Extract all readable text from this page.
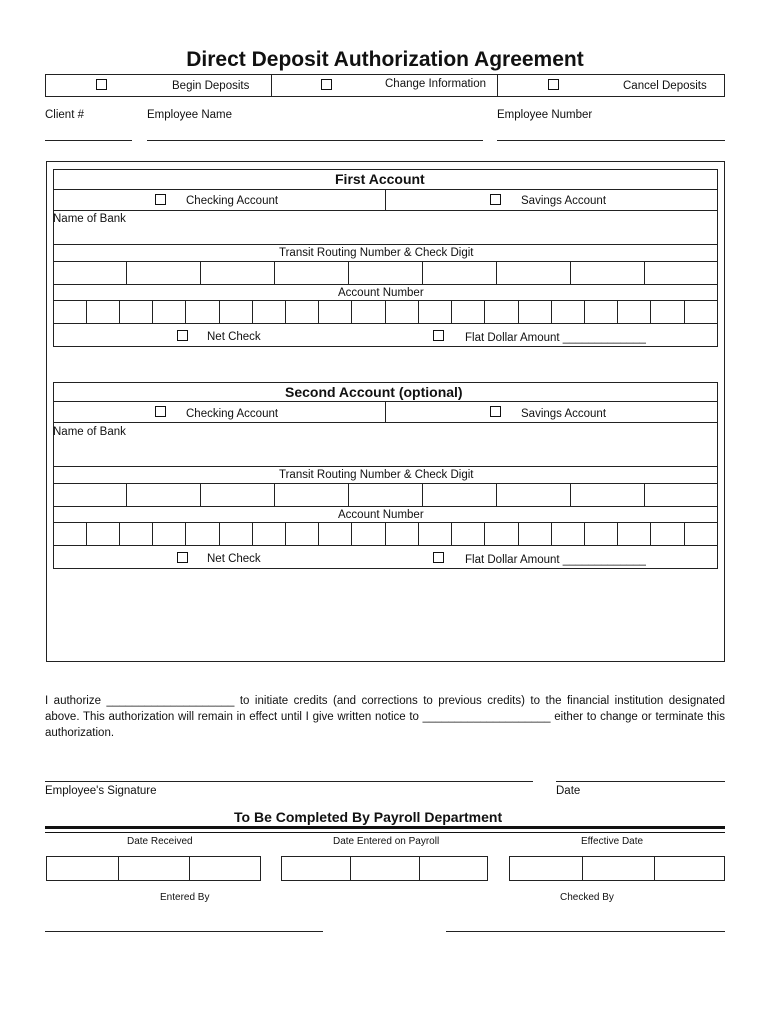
Direct Deposit Authorization Agreement
Begin Deposits	Change Information	Cancel Deposits
Client #	Employee Name	Employee Number
First Account
Checking Account	Savings Account
Name of Bank
Transit Routing Number & Check Digit
Account Number
Net Check	Flat Dollar Amount _____________
Second Account (optional)
Checking Account	Savings Account
Name of Bank
Transit Routing Number & Check Digit
Account Number
Net Check	Flat Dollar Amount _____________
I authorize ____________________ to initiate credits (and corrections to previous credits) to the financial institution designated above. This authorization will remain in effect until I give written notice to ____________________ either to change or terminate this authorization.
Employee's Signature	Date
To Be Completed By Payroll Department
Date Received	Date Entered on Payroll	Effective Date
Entered By	Checked By
